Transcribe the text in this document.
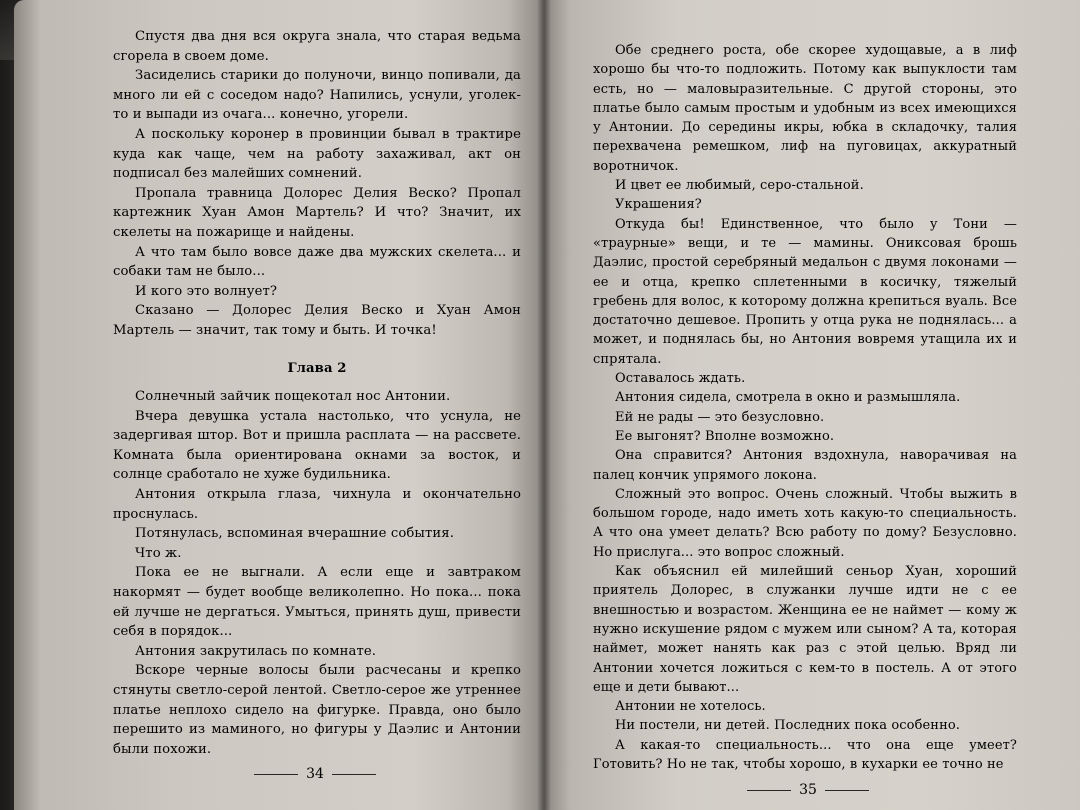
Спустя два дня вся округа знала, что старая ведьма сгорела в своем доме.

Засиделись старики до полуночи, винцо попивали, да много ли ей с соседом надо? Напились, уснули, уголек-то и выпади из очага... конечно, угорели.

А поскольку коронер в провинции бывал в трактире куда как чаще, чем на работу захаживал, акт он подписал без малейших сомнений.

Пропала травница Долорес Делия Веско? Пропал картежник Хуан Амон Мартель? И что? Значит, их скелеты на пожарище и найдены.

А что там было вовсе даже два мужских скелета... и собаки там не было...

И кого это волнует?

Сказано — Долорес Делия Веско и Хуан Амон Мартель — значит, так тому и быть. И точка!

Глава 2

Солнечный зайчик пощекотал нос Антонии.

Вчера девушка устала настолько, что уснула, не задергивая штор. Вот и пришла расплата — на рассвете. Комната была ориентирована окнами за восток, и солнце сработало не хуже будильника.

Антония открыла глаза, чихнула и окончательно проснулась.

Потянулась, вспоминая вчерашние события.

Что ж.

Пока ее не выгнали. А если еще и завтраком накормят — будет вообще великолепно. Но пока... пока ей лучше не дергаться. Умыться, принять душ, привести себя в порядок...

Антония закрутилась по комнате.

Вскоре черные волосы были расчесаны и крепко стянуты светло-серой лентой. Светло-серое же утреннее платье неплохо сидело на фигурке. Правда, оно было перешито из маминого, но фигуры у Даэлис и Антонии были похожи.

34

Обе среднего роста, обе скорее худощавые, а в лиф хорошо бы что-то подложить. Потому как выпуклости там есть, но — маловыразительные. С другой стороны, это платье было самым простым и удобным из всех имеющихся у Антонии. До середины икры, юбка в складочку, талия перехвачена ремешком, лиф на пуговицах, аккуратный воротничок.

И цвет ее любимый, серо-стальной.

Украшения?

Откуда бы! Единственное, что было у Тони — «траурные» вещи, и те — мамины. Ониксовая брошь Даэлис, простой серебряный медальон с двумя локонами — ее и отца, крепко сплетенными в косичку, тяжелый гребень для волос, к которому должна крепиться вуаль. Все достаточно дешевое. Пропить у отца рука не поднялась... а может, и поднялась бы, но Антония вовремя утащила их и спрятала.

Оставалось ждать.

Антония сидела, смотрела в окно и размышляла.

Ей не рады — это безусловно.

Ее выгонят? Вполне возможно.

Она справится? Антония вздохнула, наворачивая на палец кончик упрямого локона.

Сложный это вопрос. Очень сложный. Чтобы выжить в большом городе, надо иметь хоть какую-то специальность. А что она умеет делать? Всю работу по дому? Безусловно. Но прислуга... это вопрос сложный.

Как объяснил ей милейший сеньор Хуан, хороший приятель Долорес, в служанки лучше идти не с ее внешностью и возрастом. Женщина ее не наймет — кому ж нужно искушение рядом с мужем или сыном? А та, которая наймет, может нанять как раз с этой целью. Вряд ли Антонии хочется ложиться с кем-то в постель. А от этого еще и дети бывают...

Антонии не хотелось.

Ни постели, ни детей. Последних пока особенно.

А какая-то специальность... что она еще умеет? Готовить? Но не так, чтобы хорошо, в кухарки ее точно не

35
